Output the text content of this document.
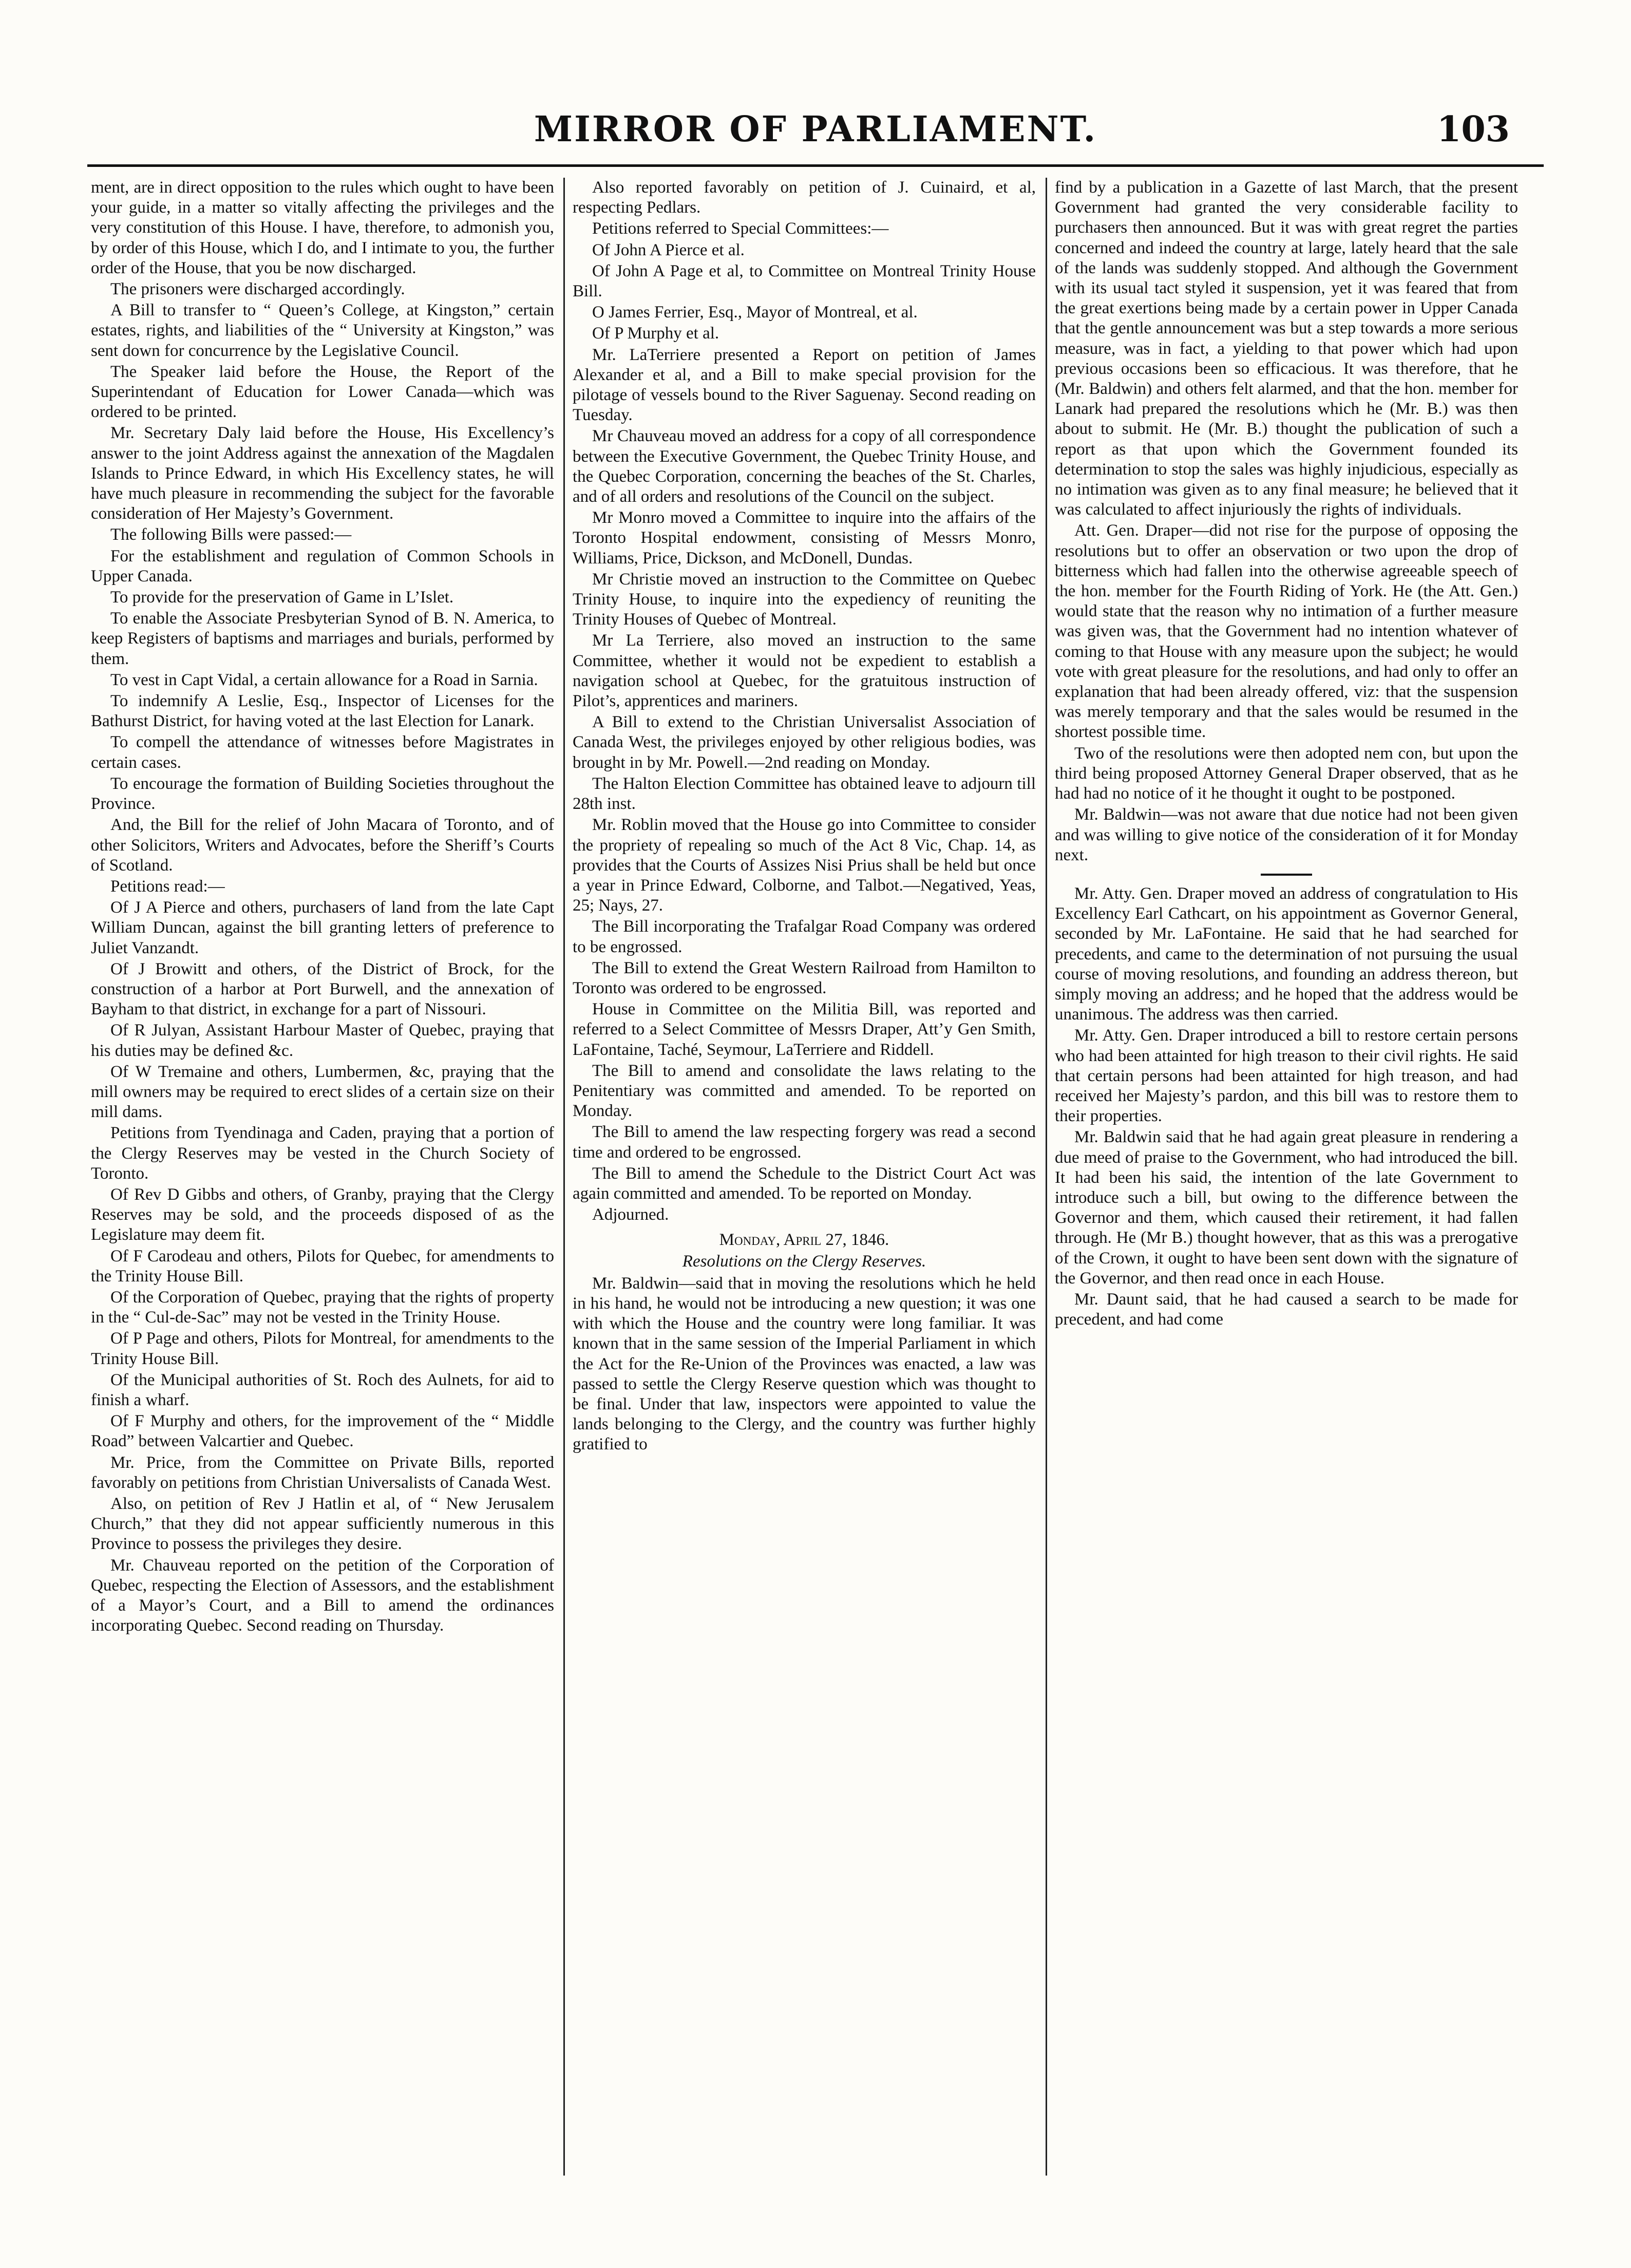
MIRROR OF PARLIAMENT.	103

ment, are in direct opposition to the rules which ought to have been your guide, in a matter so vitally affecting the privileges and the very constitution of this House. I have, therefore, to admonish you, by order of this House, which I do, and I intimate to you, the further order of the House, that you be now discharged.

The prisoners were discharged accordingly.

A Bill to transfer to “ Queen’s College, at Kingston,” certain estates, rights, and liabilities of the “ University at Kingston,” was sent down for concurrence by the Legislative Council.

The Speaker laid before the House, the Report of the Superintendant of Education for Lower Canada—which was ordered to be printed.

Mr. Secretary Daly laid before the House, His Excellency’s answer to the joint Address against the annexation of the Magdalen Islands to Prince Edward, in which His Excellency states, he will have much pleasure in recommending the subject for the favorable consideration of Her Majesty’s Government.

The following Bills were passed:—

For the establishment and regulation of Common Schools in Upper Canada.

To provide for the preservation of Game in L’Islet.

To enable the Associate Presbyterian Synod of B. N. America, to keep Registers of baptisms and marriages and burials, performed by them.

To vest in Capt Vidal, a certain allowance for a Road in Sarnia.

To indemnify A Leslie, Esq., Inspector of Licenses for the Bathurst District, for having voted at the last Election for Lanark.

To compell the attendance of witnesses before Magistrates in certain cases.

To encourage the formation of Building Societies throughout the Province.

And, the Bill for the relief of John Macara of Toronto, and of other Solicitors, Writers and Advocates, before the Sheriff’s Courts of Scotland.

Petitions read:—

Of J A Pierce and others, purchasers of land from the late Capt William Duncan, against the bill granting letters of preference to Juliet Vanzandt.

Of J Browitt and others, of the District of Brock, for the construction of a harbor at Port Burwell, and the annexation of Bayham to that district, in exchange for a part of Nissouri.

Of R Julyan, Assistant Harbour Master of Quebec, praying that his duties may be defined &c.

Of W Tremaine and others, Lumbermen, &c, praying that the mill owners may be required to erect slides of a certain size on their mill dams.

Petitions from Tyendinaga and Caden, praying that a portion of the Clergy Reserves may be vested in the Church Society of Toronto.

Of Rev D Gibbs and others, of Granby, praying that the Clergy Reserves may be sold, and the proceeds disposed of as the Legislature may deem fit.

Of F Carodeau and others, Pilots for Quebec, for amendments to the Trinity House Bill.

Of the Corporation of Quebec, praying that the rights of property in the “ Cul-de-Sac” may not be vested in the Trinity House.

Of P Page and others, Pilots for Montreal, for amendments to the Trinity House Bill.

Of the Municipal authorities of St. Roch des Aulnets, for aid to finish a wharf.

Of F Murphy and others, for the improvement of the “ Middle Road” between Valcartier and Quebec.

Mr. Price, from the Committee on Private Bills, reported favorably on petitions from Christian Universalists of Canada West.

Also, on petition of Rev J Hatlin et al, of “ New Jerusalem Church,” that they did not appear sufficiently numerous in this Province to possess the privileges they desire.

Mr. Chauveau reported on the petition of the Corporation of Quebec, respecting the Election of Assessors, and the establishment of a Mayor’s Court, and a Bill to amend the ordinances incorporating Quebec. Second reading on Thursday.

Also reported favorably on petition of J. Cuinaird, et al, respecting Pedlars.

Petitions referred to Special Committees:—

Of John A Pierce et al.

Of John A Page et al, to Committee on Montreal Trinity House Bill.

O James Ferrier, Esq., Mayor of Montreal, et al.

Of P Murphy et al.

Mr. LaTerriere presented a Report on petition of James Alexander et al, and a Bill to make special provision for the pilotage of vessels bound to the River Saguenay. Second reading on Tuesday.

Mr Chauveau moved an address for a copy of all correspondence between the Executive Government, the Quebec Trinity House, and the Quebec Corporation, concerning the beaches of the St. Charles, and of all orders and resolutions of the Council on the subject.

Mr Monro moved a Committee to inquire into the affairs of the Toronto Hospital endowment, consisting of Messrs Monro, Williams, Price, Dickson, and McDonell, Dundas.

Mr Christie moved an instruction to the Committee on Quebec Trinity House, to inquire into the expediency of reuniting the Trinity Houses of Quebec of Montreal.

Mr La Terriere, also moved an instruction to the same Committee, whether it would not be expedient to establish a navigation school at Quebec, for the gratuitous instruction of Pilot’s, apprentices and mariners.

A Bill to extend to the Christian Universalist Association of Canada West, the privileges enjoyed by other religious bodies, was brought in by Mr. Powell.—2nd reading on Monday.

The Halton Election Committee has obtained leave to adjourn till 28th inst.

Mr. Roblin moved that the House go into Committee to consider the propriety of repealing so much of the Act 8 Vic, Chap. 14, as provides that the Courts of Assizes Nisi Prius shall be held but once a year in Prince Edward, Colborne, and Talbot.—Negatived, Yeas, 25; Nays, 27.

The Bill incorporating the Trafalgar Road Company was ordered to be engrossed.

The Bill to extend the Great Western Railroad from Hamilton to Toronto was ordered to be engrossed.

House in Committee on the Militia Bill, was reported and referred to a Select Committee of Messrs Draper, Att’y Gen Smith, LaFontaine, Taché, Seymour, LaTerriere and Riddell.

The Bill to amend and consolidate the laws relating to the Penitentiary was committed and amended. To be reported on Monday.

The Bill to amend the law respecting forgery was read a second time and ordered to be engrossed.

The Bill to amend the Schedule to the District Court Act was again committed and amended. To be reported on Monday.

Adjourned.

Monday, April 27, 1846.

Resolutions on the Clergy Reserves.

Mr. Baldwin—said that in moving the resolutions which he held in his hand, he would not be introducing a new question; it was one with which the House and the country were long familiar. It was known that in the same session of the Imperial Parliament in which the Act for the Re-Union of the Provinces was enacted, a law was passed to settle the Clergy Reserve question which was thought to be final. Under that law, inspectors were appointed to value the lands belonging to the Clergy, and the country was further highly gratified to

find by a publication in a Gazette of last March, that the present Government had granted the very considerable facility to purchasers then announced. But it was with great regret the parties concerned and indeed the country at large, lately heard that the sale of the lands was suddenly stopped. And although the Government with its usual tact styled it suspension, yet it was feared that from the great exertions being made by a certain power in Upper Canada that the gentle announcement was but a step towards a more serious measure, was in fact, a yielding to that power which had upon previous occasions been so efficacious. It was therefore, that he (Mr. Baldwin) and others felt alarmed, and that the hon. member for Lanark had prepared the resolutions which he (Mr. B.) was then about to submit. He (Mr. B.) thought the publication of such a report as that upon which the Government founded its determination to stop the sales was highly injudicious, especially as no intimation was given as to any final measure; he believed that it was calculated to affect injuriously the rights of individuals.

Att. Gen. Draper—did not rise for the purpose of opposing the resolutions but to offer an observation or two upon the drop of bitterness which had fallen into the otherwise agreeable speech of the hon. member for the Fourth Riding of York. He (the Att. Gen.) would state that the reason why no intimation of a further measure was given was, that the Government had no intention whatever of coming to that House with any measure upon the subject; he would vote with great pleasure for the resolutions, and had only to offer an explanation that had been already offered, viz: that the suspension was merely temporary and that the sales would be resumed in the shortest possible time.

Two of the resolutions were then adopted nem con, but upon the third being proposed Attorney General Draper observed, that as he had had no notice of it he thought it ought to be postponed.

Mr. Baldwin—was not aware that due notice had not been given and was willing to give notice of the consideration of it for Monday next.

Mr. Atty. Gen. Draper moved an address of congratulation to His Excellency Earl Cathcart, on his appointment as Governor General, seconded by Mr. LaFontaine. He said that he had searched for precedents, and came to the determination of not pursuing the usual course of moving resolutions, and founding an address thereon, but simply moving an address; and he hoped that the address would be unanimous. The address was then carried.

Mr. Atty. Gen. Draper introduced a bill to restore certain persons who had been attainted for high treason to their civil rights. He said that certain persons had been attainted for high treason, and had received her Majesty’s pardon, and this bill was to restore them to their properties.

Mr. Baldwin said that he had again great pleasure in rendering a due meed of praise to the Government, who had introduced the bill. It had been his said, the intention of the late Government to introduce such a bill, but owing to the difference between the Governor and them, which caused their retirement, it had fallen through. He (Mr B.) thought however, that as this was a prerogative of the Crown, it ought to have been sent down with the signature of the Governor, and then read once in each House.

Mr. Daunt said, that he had caused a search to be made for precedent, and had come
